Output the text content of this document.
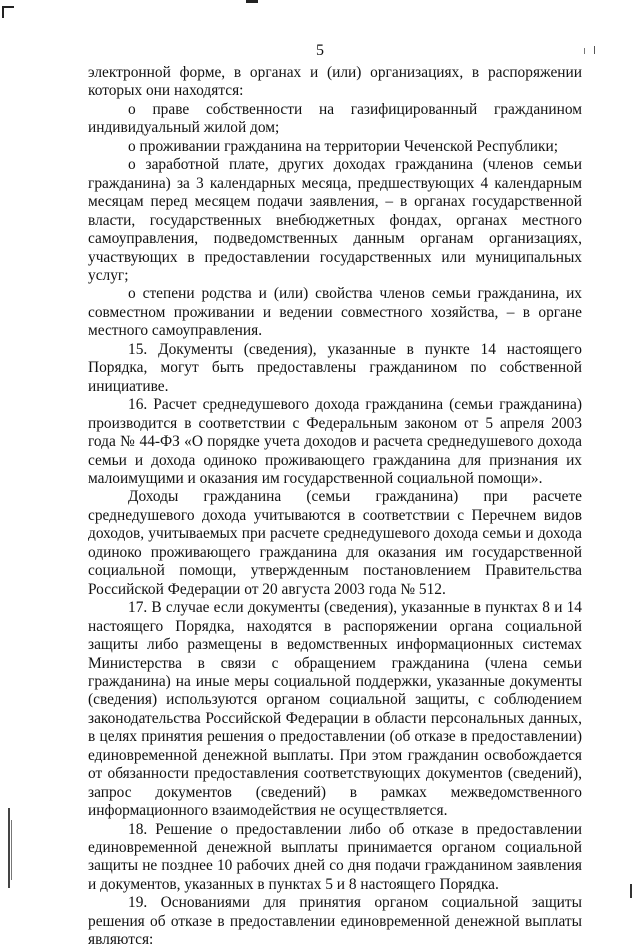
5

электронной форме, в органах и (или) организациях, в распоряжении которых они находятся:

о праве собственности на газифицированный гражданином индивидуальный жилой дом;

о проживании гражданина на территории Чеченской Республики;

о заработной плате, других доходах гражданина (членов семьи гражданина) за 3 календарных месяца, предшествующих 4 календарным месяцам перед месяцем подачи заявления, – в органах государственной власти, государственных внебюджетных фондах, органах местного самоуправления, подведомственных данным органам организациях, участвующих в предоставлении государственных или муниципальных услуг;

о степени родства и (или) свойства членов семьи гражданина, их совместном проживании и ведении совместного хозяйства, – в органе местного самоуправления.

15. Документы (сведения), указанные в пункте 14 настоящего Порядка, могут быть предоставлены гражданином по собственной инициативе.

16. Расчет среднедушевого дохода гражданина (семьи гражданина) производится в соответствии с Федеральным законом от 5 апреля 2003 года № 44-ФЗ «О порядке учета доходов и расчета среднедушевого дохода семьи и дохода одиноко проживающего гражданина для признания их малоимущими и оказания им государственной социальной помощи».

Доходы гражданина (семьи гражданина) при расчете среднедушевого дохода учитываются в соответствии с Перечнем видов доходов, учитываемых при расчете среднедушевого дохода семьи и дохода одиноко проживающего гражданина для оказания им государственной социальной помощи, утвержденным постановлением Правительства Российской Федерации от 20 августа 2003 года № 512.

17. В случае если документы (сведения), указанные в пунктах 8 и 14 настоящего Порядка, находятся в распоряжении органа социальной защиты либо размещены в ведомственных информационных системах Министерства в связи с обращением гражданина (члена семьи гражданина) на иные меры социальной поддержки, указанные документы (сведения) используются органом социальной защиты, с соблюдением законодательства Российской Федерации в области персональных данных, в целях принятия решения о предоставлении (об отказе в предоставлении) единовременной денежной выплаты. При этом гражданин освобождается от обязанности предоставления соответствующих документов (сведений), запрос документов (сведений) в рамках межведомственного информационного взаимодействия не осуществляется.

18. Решение о предоставлении либо об отказе в предоставлении единовременной денежной выплаты принимается органом социальной защиты не позднее 10 рабочих дней со дня подачи гражданином заявления и документов, указанных в пунктах 5 и 8 настоящего Порядка.

19. Основаниями для принятия органом социальной защиты решения об отказе в предоставлении единовременной денежной выплаты являются:
